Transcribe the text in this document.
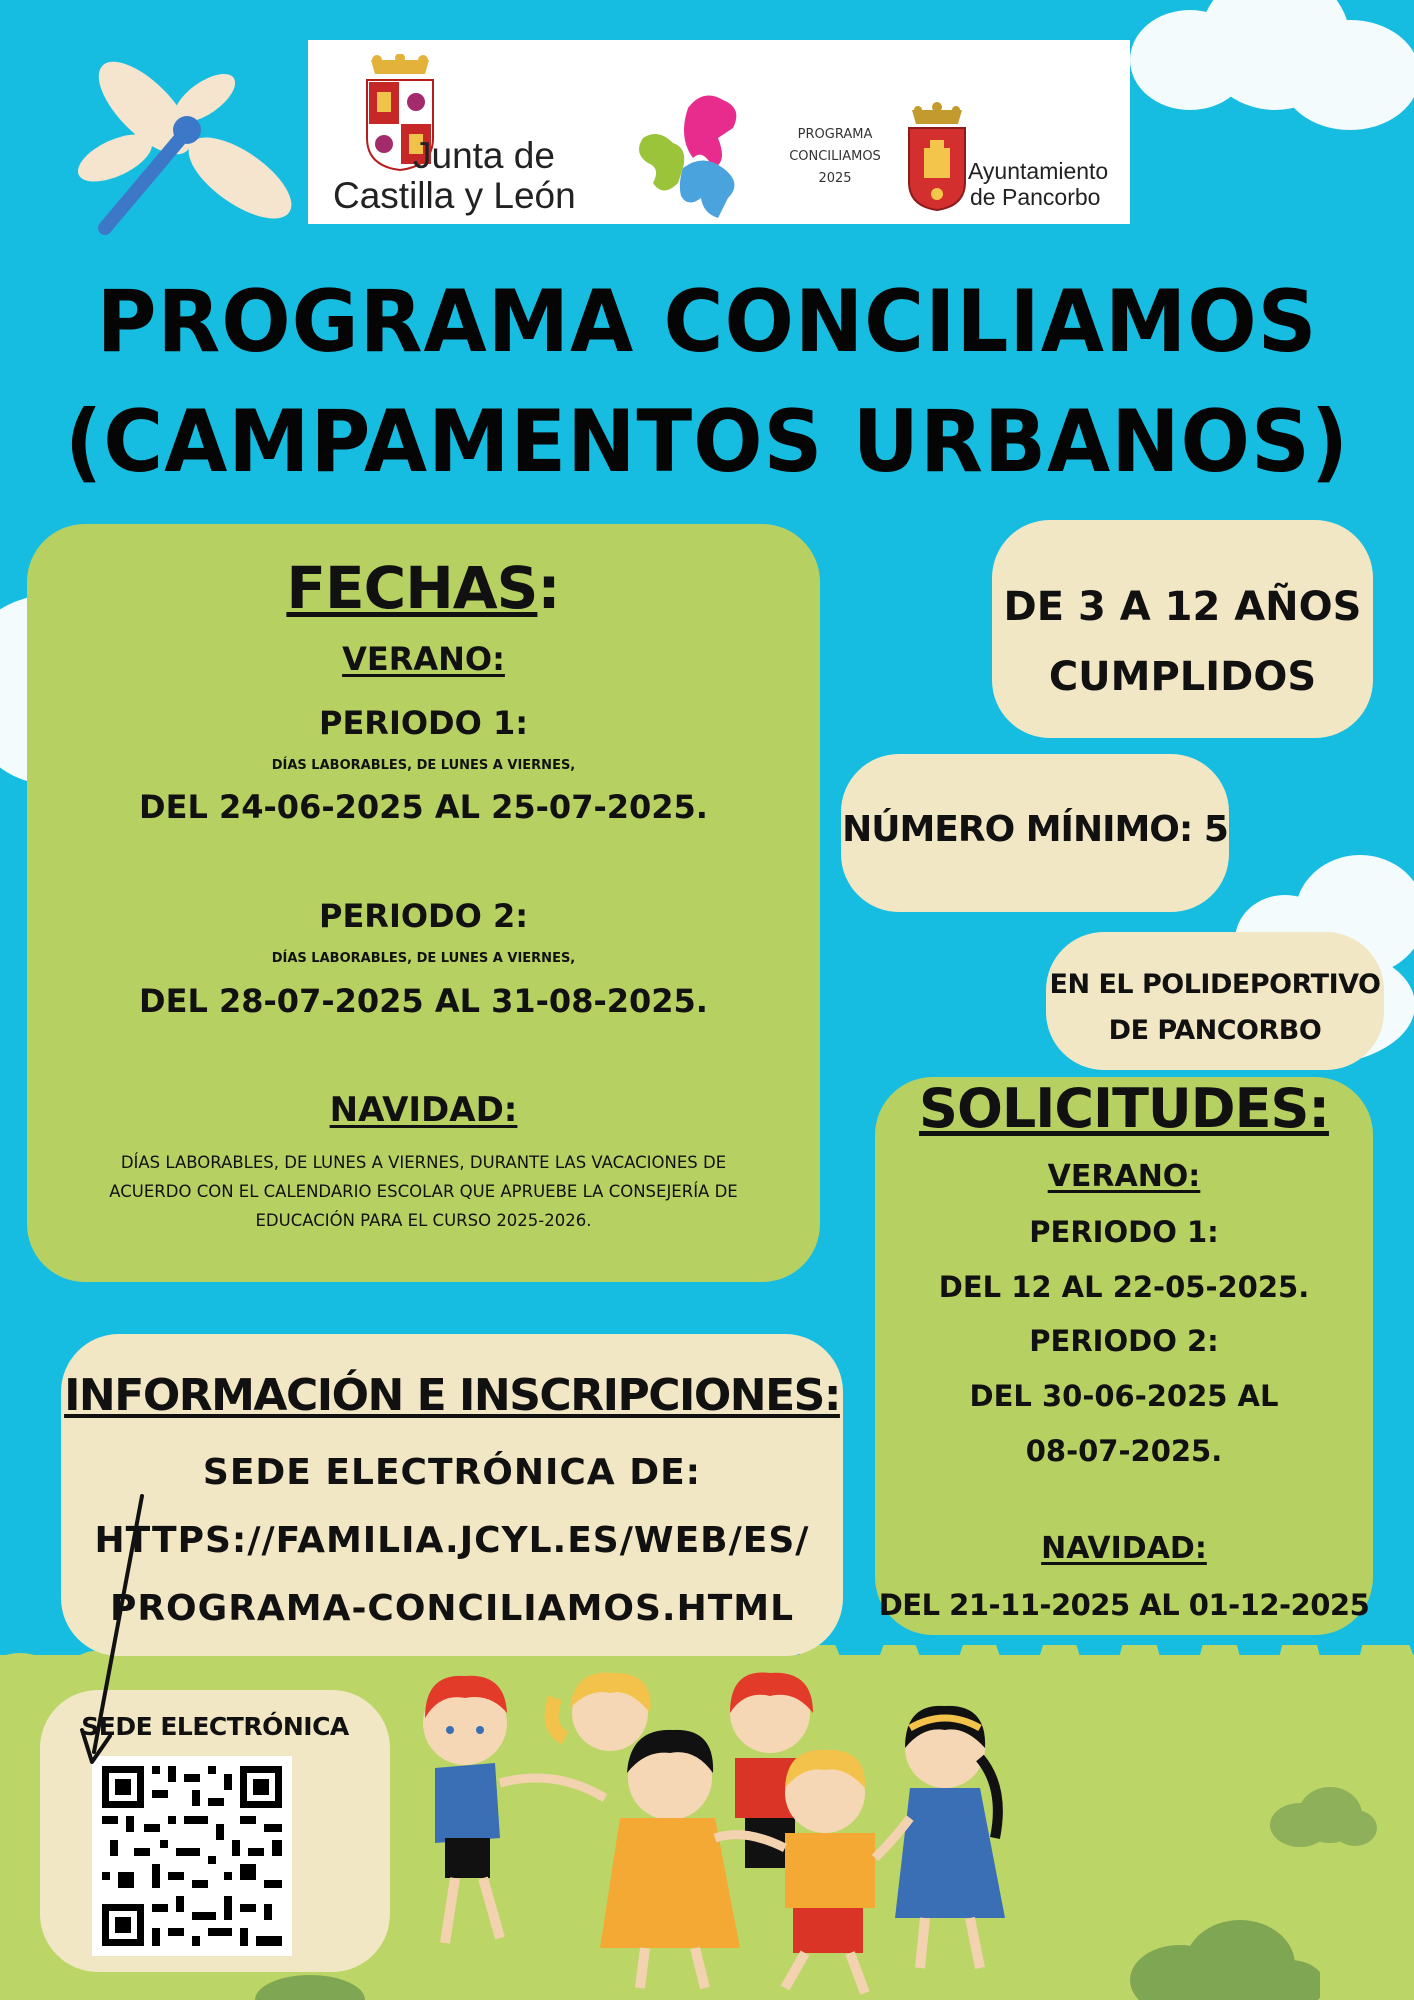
Junta de
Castilla y León
PROGRAMA
CONCILIAMOS
2025	Ayuntamiento
de Pancorbo
PROGRAMA CONCILIAMOS
(CAMPAMENTOS URBANOS)
FECHAS:
VERANO:
PERIODO 1:
DÍAS LABORABLES, DE LUNES A VIERNES,
DEL 24-06-2025 AL 25-07-2025.
PERIODO 2:
DÍAS LABORABLES, DE LUNES A VIERNES,
DEL 28-07-2025 AL 31-08-2025.
NAVIDAD:
DÍAS LABORABLES, DE LUNES A VIERNES, DURANTE LAS VACACIONES DE
ACUERDO CON EL CALENDARIO ESCOLAR QUE APRUEBE LA CONSEJERÍA DE
EDUCACIÓN PARA EL CURSO 2025-2026.
DE 3 A 12 AÑOS
CUMPLIDOS
NÚMERO MÍNIMO: 5
EN EL POLIDEPORTIVO
DE PANCORBO
SOLICITUDES:
VERANO:
PERIODO 1:
DEL 12 AL 22-05-2025.
PERIODO 2:
DEL 30-06-2025 AL
08-07-2025.
NAVIDAD:
DEL 21-11-2025 AL 01-12-2025
INFORMACIÓN E INSCRIPCIONES:
SEDE ELECTRÓNICA DE:
HTTPS://FAMILIA.JCYL.ES/WEB/ES/
PROGRAMA-CONCILIAMOS.HTML
SEDE ELECTRÓNICA
